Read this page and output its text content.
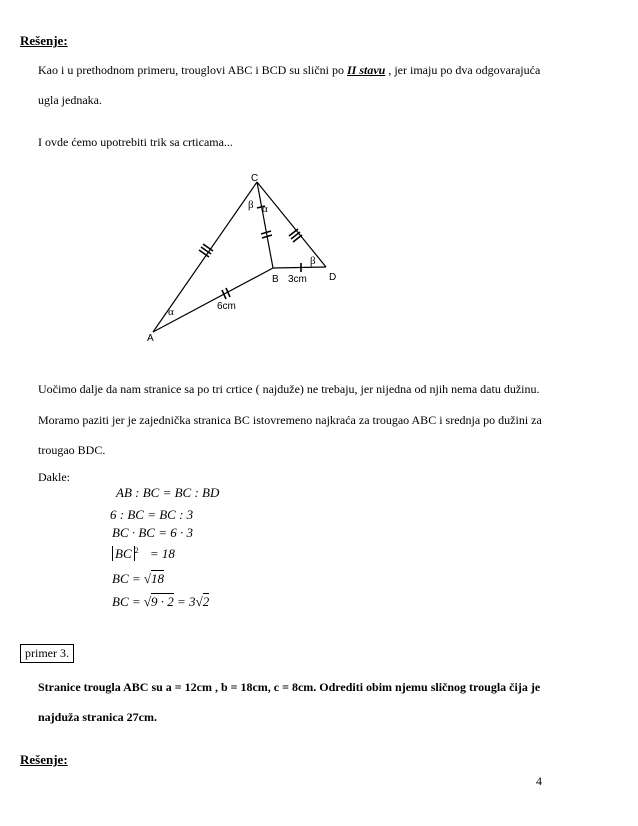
Rešenje:
Kao i u prethodnom primeru, trouglovi ABC i BCD su slični po II stavu , jer imaju po dva odgovarajuća
ugla jednaka.
I ovde ćemo upotrebiti trik sa crticama...
C
B	D
A
β α
β
α
3cm
6cm
Uočimo dalje da nam stranice sa po tri crtice ( najduže) ne trebaju, jer nijedna od njih nema datu dužinu.
Moramo paziti jer je zajednička stranica BC istovremeno najkraća za trougao ABC i srednja po dužini za
trougao BDC.
Dakle:
AB : BC = BC : BD
6 : BC = BC : 3
BC · BC = 6 · 3
BC $^2$ = 18
BC = √18
BC = √9 · 2 = 3√2
primer 3.
Stranice trougla ABC su a = 12cm , b = 18cm, c = 8cm. Odrediti obim njemu sličnog trougla čija je
najduža stranica 27cm.
Rešenje:
4
